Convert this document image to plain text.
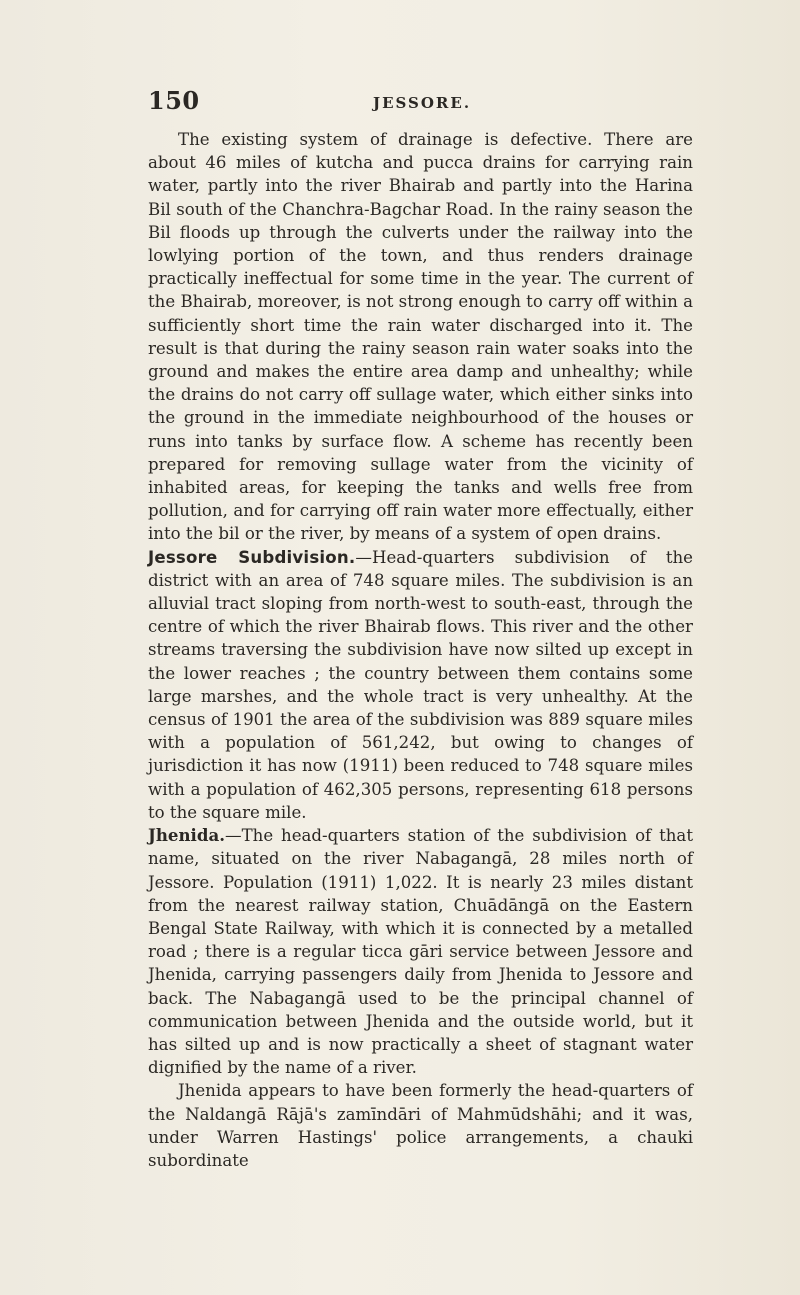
150	JESSORE.

The existing system of drainage is defective. There are about 46 miles of kutcha and pucca drains for carrying rain water, partly into the river Bhairab and partly into the Harina Bil south of the Chanchra-Bagchar Road. In the rainy season the Bil floods up through the culverts under the railway into the lowlying portion of the town, and thus renders drainage practically ineffectual for some time in the year. The current of the Bhairab, moreover, is not strong enough to carry off within a sufficiently short time the rain water discharged into it. The result is that during the rainy season rain water soaks into the ground and makes the entire area damp and unhealthy; while the drains do not carry off sullage water, which either sinks into the ground in the immediate neighbourhood of the houses or runs into tanks by surface flow. A scheme has recently been prepared for removing sullage water from the vicinity of inhabited areas, for keeping the tanks and wells free from pollution, and for carrying off rain water more effectually, either into the bil or the river, by means of a system of open drains.

Jessore Subdivision.—Head-quarters subdivision of the district with an area of 748 square miles. The subdivision is an alluvial tract sloping from north-west to south-east, through the centre of which the river Bhairab flows. This river and the other streams traversing the subdivision have now silted up except in the lower reaches ; the country between them contains some large marshes, and the whole tract is very unhealthy. At the census of 1901 the area of the subdivision was 889 square miles with a population of 561,242, but owing to changes of jurisdiction it has now (1911) been reduced to 748 square miles with a population of 462,305 persons, representing 618 persons to the square mile.

Jhenida.—The head-quarters station of the subdivision of that name, situated on the river Nabagangā, 28 miles north of Jessore. Population (1911) 1,022. It is nearly 23 miles distant from the nearest railway station, Chuādāngā on the Eastern Bengal State Railway, with which it is connected by a metalled road ; there is a regular ticca gāri service between Jessore and Jhenida, carrying passengers daily from Jhenida to Jessore and back. The Nabagangā used to be the principal channel of communication between Jhenida and the outside world, but it has silted up and is now practically a sheet of stagnant water dignified by the name of a river.

Jhenida appears to have been formerly the head-quarters of the Naldangā Rājā's zamīndāri of Mahmūdshāhi; and it was, under Warren Hastings' police arrangements, a chauki subordinate
